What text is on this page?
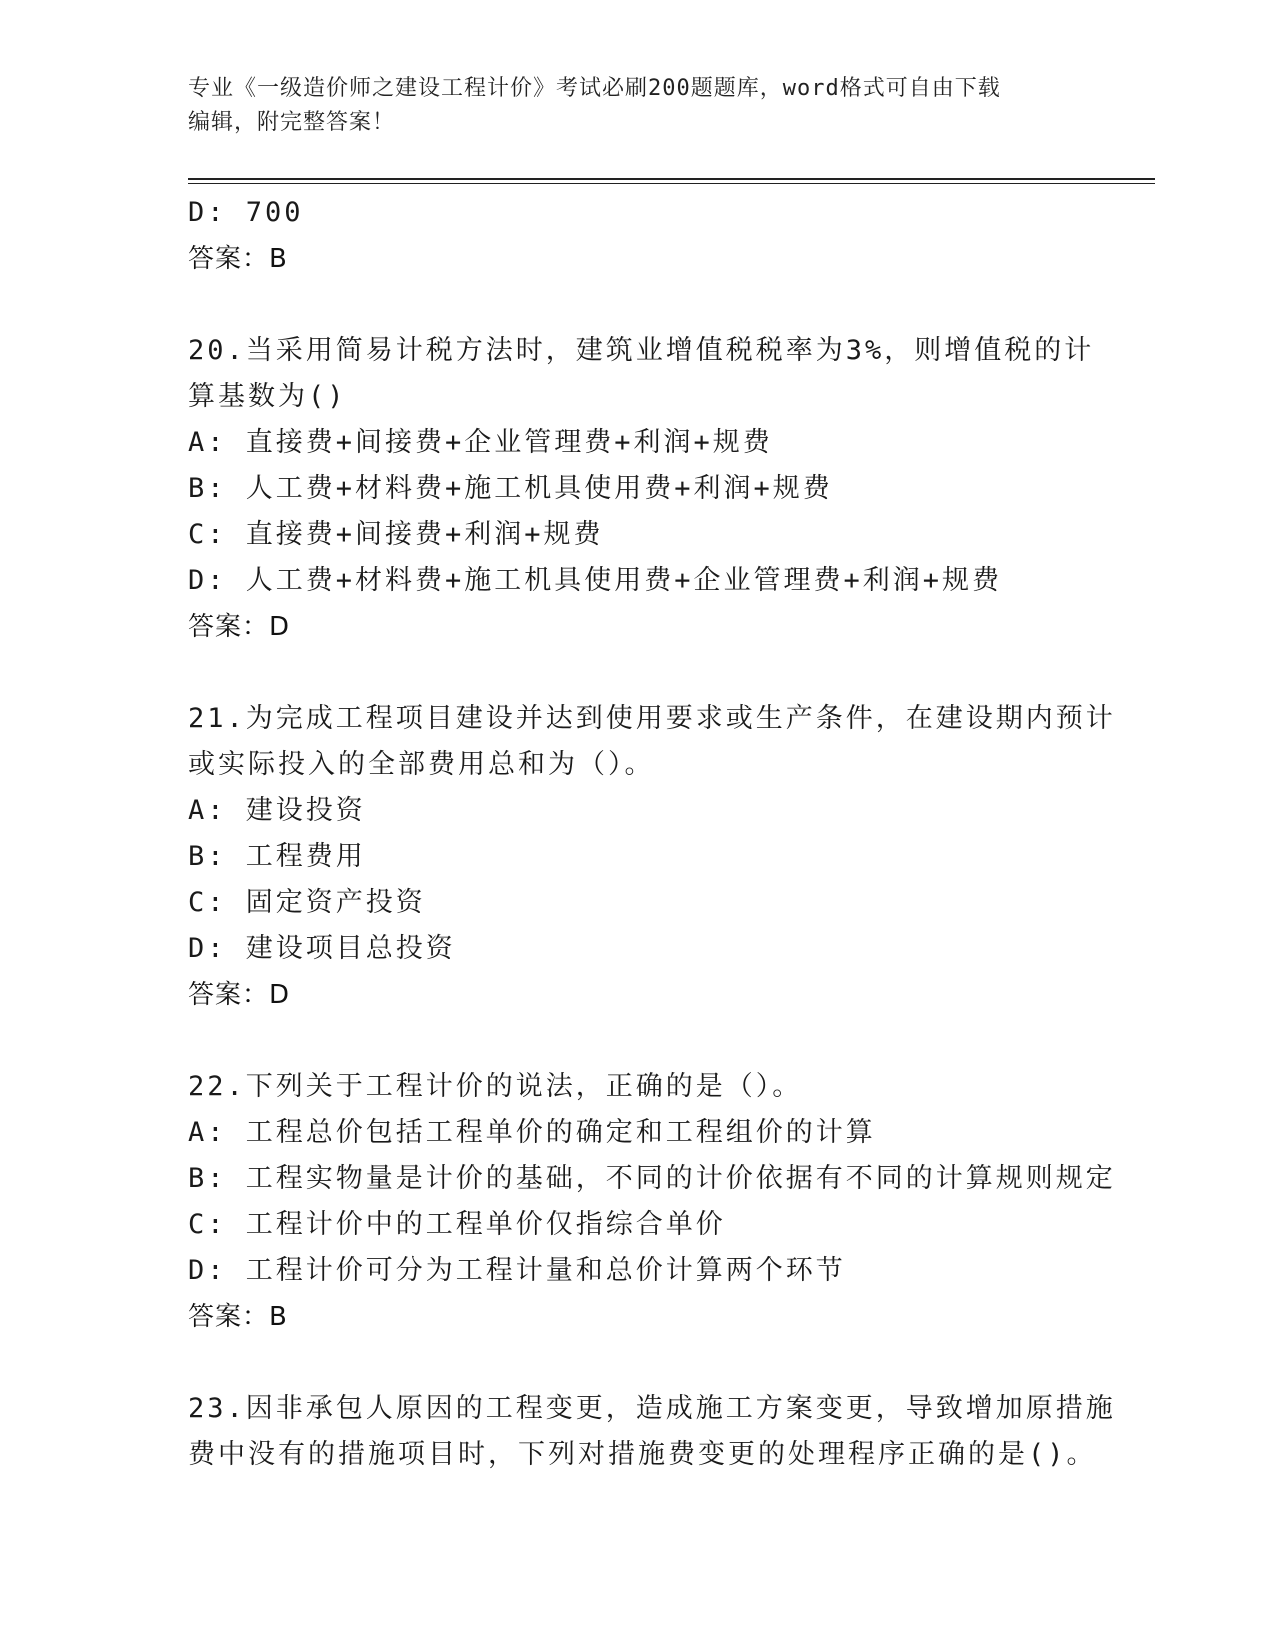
专业《一级造价师之建设工程计价》考试必刷200题题库，word格式可自由下载
编辑，附完整答案！
D: 700
答案：B
20.当采用简易计税方法时，建筑业增值税税率为3%，则增值税的计
算基数为()
A: 直接费+间接费+企业管理费+利润+规费
B: 人工费+材料费+施工机具使用费+利润+规费
C: 直接费+间接费+利润+规费
D: 人工费+材料费+施工机具使用费+企业管理费+利润+规费
答案：D
21.为完成工程项目建设并达到使用要求或生产条件，在建设期内预计
或实际投入的全部费用总和为（）。
A: 建设投资
B: 工程费用
C: 固定资产投资
D: 建设项目总投资
答案：D
22.下列关于工程计价的说法，正确的是（）。
A: 工程总价包括工程单价的确定和工程组价的计算
B: 工程实物量是计价的基础，不同的计价依据有不同的计算规则规定
C: 工程计价中的工程单价仅指综合单价
D: 工程计价可分为工程计量和总价计算两个环节
答案：B
23.因非承包人原因的工程变更，造成施工方案变更，导致增加原措施
费中没有的措施项目时，下列对措施费变更的处理程序正确的是()。
